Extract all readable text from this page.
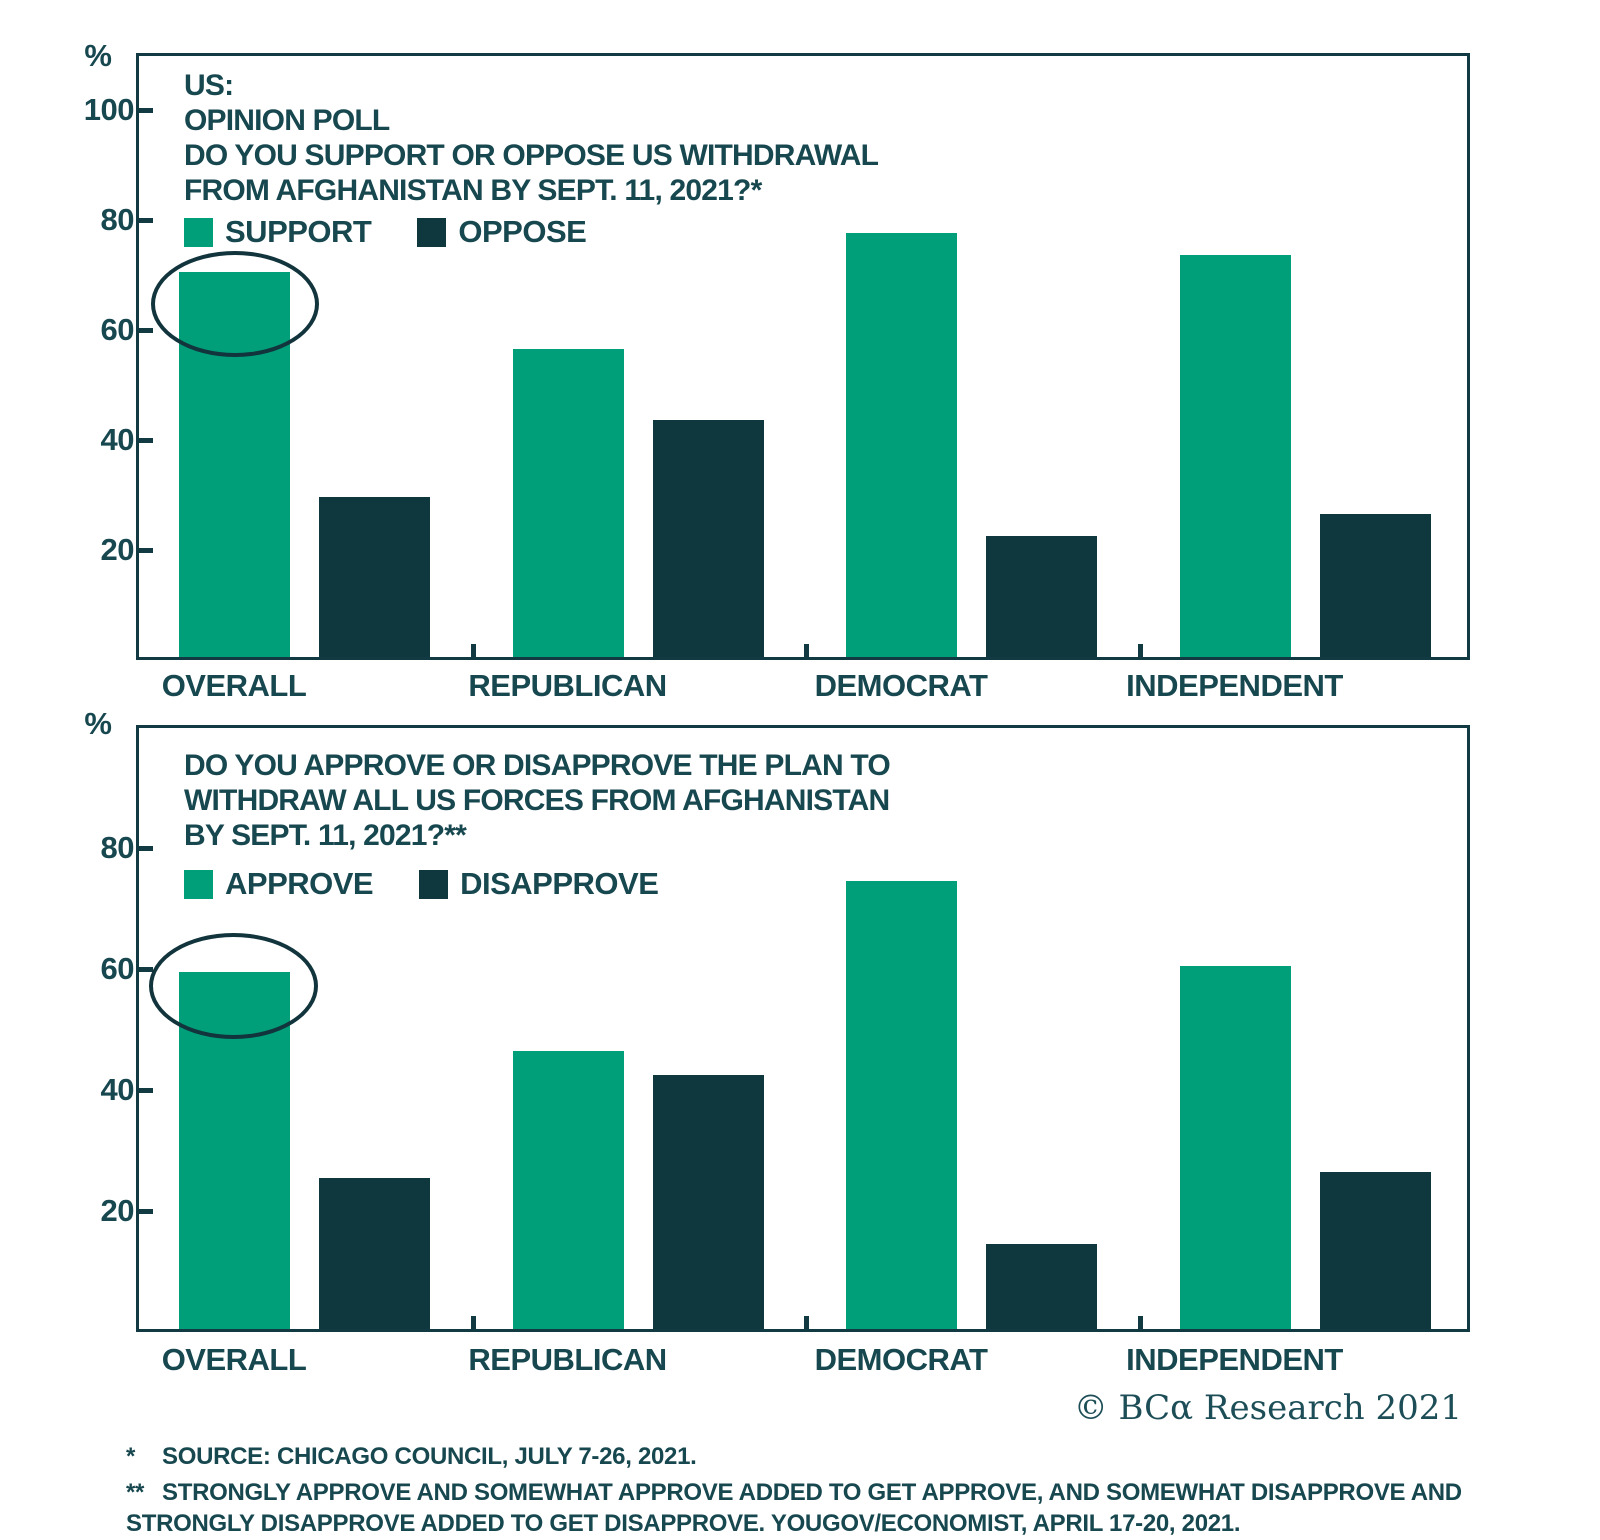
%
%
US:
OPINION POLL
DO YOU SUPPORT OR OPPOSE US WITHDRAWAL
FROM AFGHANISTAN BY SEPT. 11, 2021?*
SUPPORT	OPPOSE
DO YOU APPROVE OR DISAPPROVE THE PLAN TO
WITHDRAW ALL US FORCES FROM AFGHANISTAN
BY SEPT. 11, 2021?**
APPROVE	DISAPPROVE
© BCα Research 2021

* SOURCE: CHICAGO COUNCIL, JULY 7-26, 2021.

** STRONGLY APPROVE AND SOMEWHAT APPROVE ADDED TO GET APPROVE, AND SOMEWHAT DISAPPROVE AND STRONGLY DISAPPROVE ADDED TO GET DISAPPROVE. YOUGOV/ECONOMIST, APRIL 17-20, 2021.

100
80
60
40
20
OVERALL	REPUBLICAN	DEMOCRAT	INDEPENDENT
80
60
40
20
OVERALL	REPUBLICAN	DEMOCRAT	INDEPENDENT
